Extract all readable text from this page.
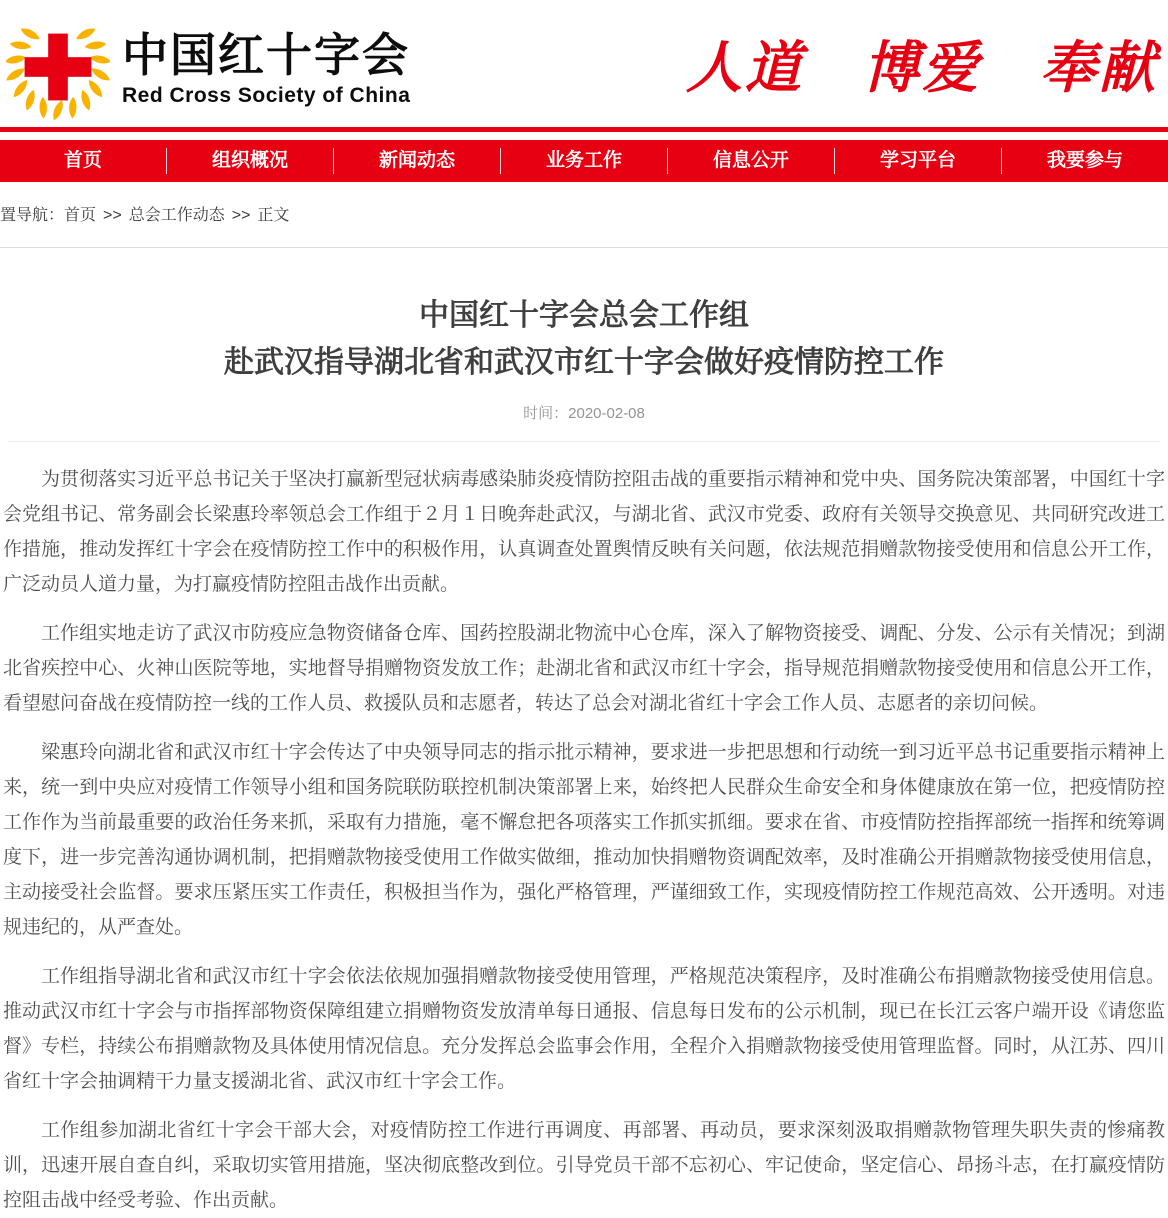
中国红十字会
Red Cross Society of China	人道　博爱　奉献
首页	组织概况	新闻动态	业务工作	信息公开	学习平台	我要参与
置导航：首页 >> 总会工作动态 >> 正文
中国红十字会总会工作组
赴武汉指导湖北省和武汉市红十字会做好疫情防控工作
时间：2020-02-08

为贯彻落实习近平总书记关于坚决打赢新型冠状病毒感染肺炎疫情防控阻击战的重要指示精神和党中央、国务院决策部署，中国红十字会党组书记、常务副会长梁惠玲率领总会工作组于２月１日晚奔赴武汉，与湖北省、武汉市党委、政府有关领导交换意见、共同研究改进工作措施，推动发挥红十字会在疫情防控工作中的积极作用，认真调查处置舆情反映有关问题，依法规范捐赠款物接受使用和信息公开工作，广泛动员人道力量，为打赢疫情防控阻击战作出贡献。

工作组实地走访了武汉市防疫应急物资储备仓库、国药控股湖北物流中心仓库，深入了解物资接受、调配、分发、公示有关情况；到湖北省疾控中心、火神山医院等地，实地督导捐赠物资发放工作；赴湖北省和武汉市红十字会，指导规范捐赠款物接受使用和信息公开工作，看望慰问奋战在疫情防控一线的工作人员、救援队员和志愿者，转达了总会对湖北省红十字会工作人员、志愿者的亲切问候。

梁惠玲向湖北省和武汉市红十字会传达了中央领导同志的指示批示精神，要求进一步把思想和行动统一到习近平总书记重要指示精神上来，统一到中央应对疫情工作领导小组和国务院联防联控机制决策部署上来，始终把人民群众生命安全和身体健康放在第一位，把疫情防控工作作为当前最重要的政治任务来抓，采取有力措施，毫不懈怠把各项落实工作抓实抓细。要求在省、市疫情防控指挥部统一指挥和统筹调度下，进一步完善沟通协调机制，把捐赠款物接受使用工作做实做细，推动加快捐赠物资调配效率，及时准确公开捐赠款物接受使用信息，主动接受社会监督。要求压紧压实工作责任，积极担当作为，强化严格管理，严谨细致工作，实现疫情防控工作规范高效、公开透明。对违规违纪的，从严查处。

工作组指导湖北省和武汉市红十字会依法依规加强捐赠款物接受使用管理，严格规范决策程序，及时准确公布捐赠款物接受使用信息。推动武汉市红十字会与市指挥部物资保障组建立捐赠物资发放清单每日通报、信息每日发布的公示机制，现已在长江云客户端开设《请您监督》专栏，持续公布捐赠款物及具体使用情况信息。充分发挥总会监事会作用，全程介入捐赠款物接受使用管理监督。同时，从江苏、四川省红十字会抽调精干力量支援湖北省、武汉市红十字会工作。

工作组参加湖北省红十字会干部大会，对疫情防控工作进行再调度、再部署、再动员，要求深刻汲取捐赠款物管理失职失责的惨痛教训，迅速开展自查自纠，采取切实管用措施，坚决彻底整改到位。引导党员干部不忘初心、牢记使命，坚定信心、昂扬斗志，在打赢疫情防控阻击战中经受考验、作出贡献。
